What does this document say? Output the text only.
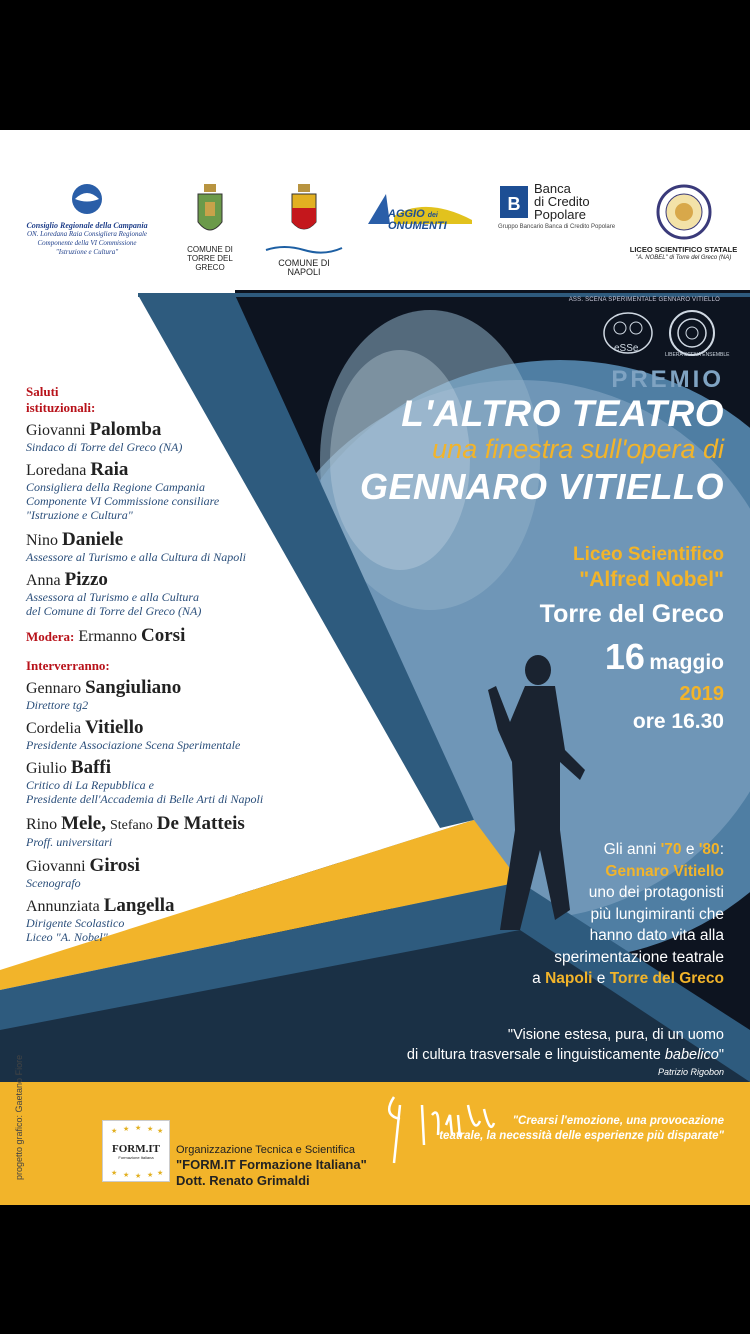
Consiglio Regionale della Campania
ON. Loredana Raia Consigliera Regionale
Componente della VI Commissione
"Istruzione e Cultura"	COMUNE DI
TORRE DEL GRECO
	COMUNE DI NAPOLI
AGGIO dei ONUMENTI
B
Banca
di Credito
Popolare
Gruppo Bancario Banca di Credito Popolare
LICEO SCIENTIFICO STATALE
"A. NOBEL" di Torre del Greco (NA)
ASS. SCENA SPERIMENTALE GENNARO VITIELLO
eSSe
LIBERA SCENA ENSEMBLE
PREMIO
L'ALTRO TEATRO
una finestra sull'opera di
GENNARO VITIELLO
Liceo Scientifico
"Alfred Nobel"
Torre del Greco
16 maggio
2019
ore 16.30
Saluti
istituzionali:
Giovanni Palomba
Sindaco di Torre del Greco (NA)
Loredana Raia
Consigliera della Regione Campania
Componente VI Commissione consiliare
"Istruzione e Cultura"
Nino Daniele
Assessore al Turismo e alla Cultura di Napoli
Anna Pizzo
Assessora al Turismo e alla Cultura
del Comune di Torre del Greco (NA)
Modera: Ermanno Corsi
Interverranno:
Gennaro Sangiuliano
Direttore tg2
Cordelia Vitiello
Presidente Associazione Scena Sperimentale
Giulio Baffi
Critico di La Repubblica e
Presidente dell'Accademia di Belle Arti di Napoli
Rino Mele, Stefano De Matteis
Proff. universitari
Giovanni Girosi
Scenografo
Annunziata Langella
Dirigente Scolastico
Liceo "A. Nobel"
Gli anni '70 e '80:
Gennaro Vitiello
uno dei protagonisti
più lungimiranti che
hanno dato vita alla
sperimentazione teatrale
a Napoli e Torre del Greco
"Visione estesa, pura, di un uomo
di cultura trasversale e linguisticamente babelico"
Patrizio Rigobon
progetto grafico: Gaetano Fiore	★ ★ ★ ★ ★
★ ★ ★ ★ ★
FORM.IT
Formazione Italiana
Organizzazione Tecnica e Scientifica
"FORM.IT Formazione Italiana"
Dott. Renato Grimaldi
"Crearsi l'emozione, una provocazione
teatrale, la necessità delle esperienze più disparate"
